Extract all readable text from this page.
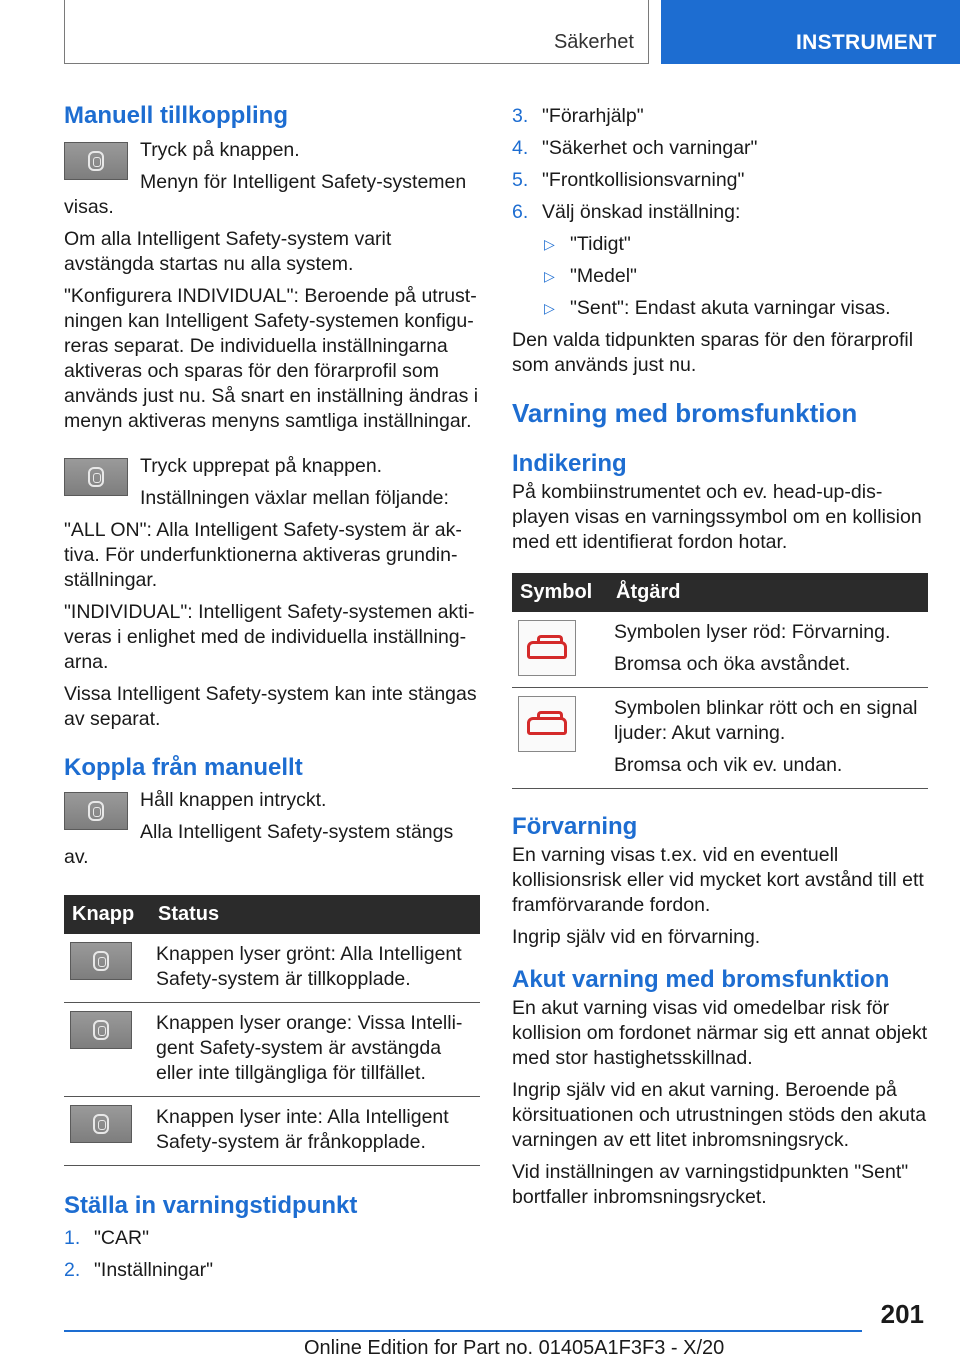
Säkerhet	INSTRUMENT
Manuell tillkoppling

Tryck på knappen.

Menyn för Intelligent Safety-systemen visas.

Om alla Intelligent Safety-system varit avstängda startas nu alla system.

"Konfigurera INDIVIDUAL": Beroende på utrustningen kan Intelligent Safety-systemen konfigureras separat. De individuella inställningarna aktiveras och sparas för den förarprofil som används just nu. Så snart en inställning ändras i menyn aktiveras menyns samtliga inställningar.

Tryck upprepat på knappen.

Inställningen växlar mellan följande:

"ALL ON": Alla Intelligent Safety-system är aktiva. För underfunktionerna aktiveras grundinställningar.

"INDIVIDUAL": Intelligent Safety-systemen aktiveras i enlighet med de individuella inställningarna.

Vissa Intelligent Safety-system kan inte stängas av separat.

Koppla från manuellt

Håll knappen intryckt.

Alla Intelligent Safety-system stängs av.

Knapp	Status

	Knappen lyser grönt: Alla Intelligent Safety-system är tillkopplade.

	Knappen lyser orange: Vissa Intelligent Safety-system är avstängda eller inte tillgängliga för tillfället.

	Knappen lyser inte: Alla Intelligent Safety-system är frånkopplade.
Ställa in varningstidpunkt
1. "CAR"
2. "Inställningar"
3. "Förarhjälp"
4. "Säkerhet och varningar"
5. "Frontkollisionsvarning"
6. Välj önskad inställning:
▷ "Tidigt"
▷ "Medel"
▷ "Sent": Endast akuta varningar visas.

Den valda tidpunkten sparas för den förarprofil som används just nu.

Varning med bromsfunktion
Indikering

På kombiinstrumentet och ev. head-up-displayen visas en varningssymbol om en kollision med ett identifierat fordon hotar.

Symbol	Åtgärd

	Symbolen lyser röd: Förvarning.

Bromsa och öka avståndet.

	Symbolen blinkar rött och en signal ljuder: Akut varning.

Bromsa och vik ev. undan.

Förvarning

En varning visas t.ex. vid en eventuell kollisionsrisk eller vid mycket kort avstånd till ett framförvarande fordon.

Ingrip själv vid en förvarning.

Akut varning med bromsfunktion

En akut varning visas vid omedelbar risk för kollision om fordonet närmar sig ett annat objekt med stor hastighetsskillnad.

Ingrip själv vid en akut varning. Beroende på körsituationen och utrustningen stöds den akuta varningen av ett litet inbromsningsryck.

Vid inställningen av varningstidpunkten "Sent" bortfaller inbromsningsrycket.

201
Online Edition for Part no. 01405A1F3F3 - X/20
